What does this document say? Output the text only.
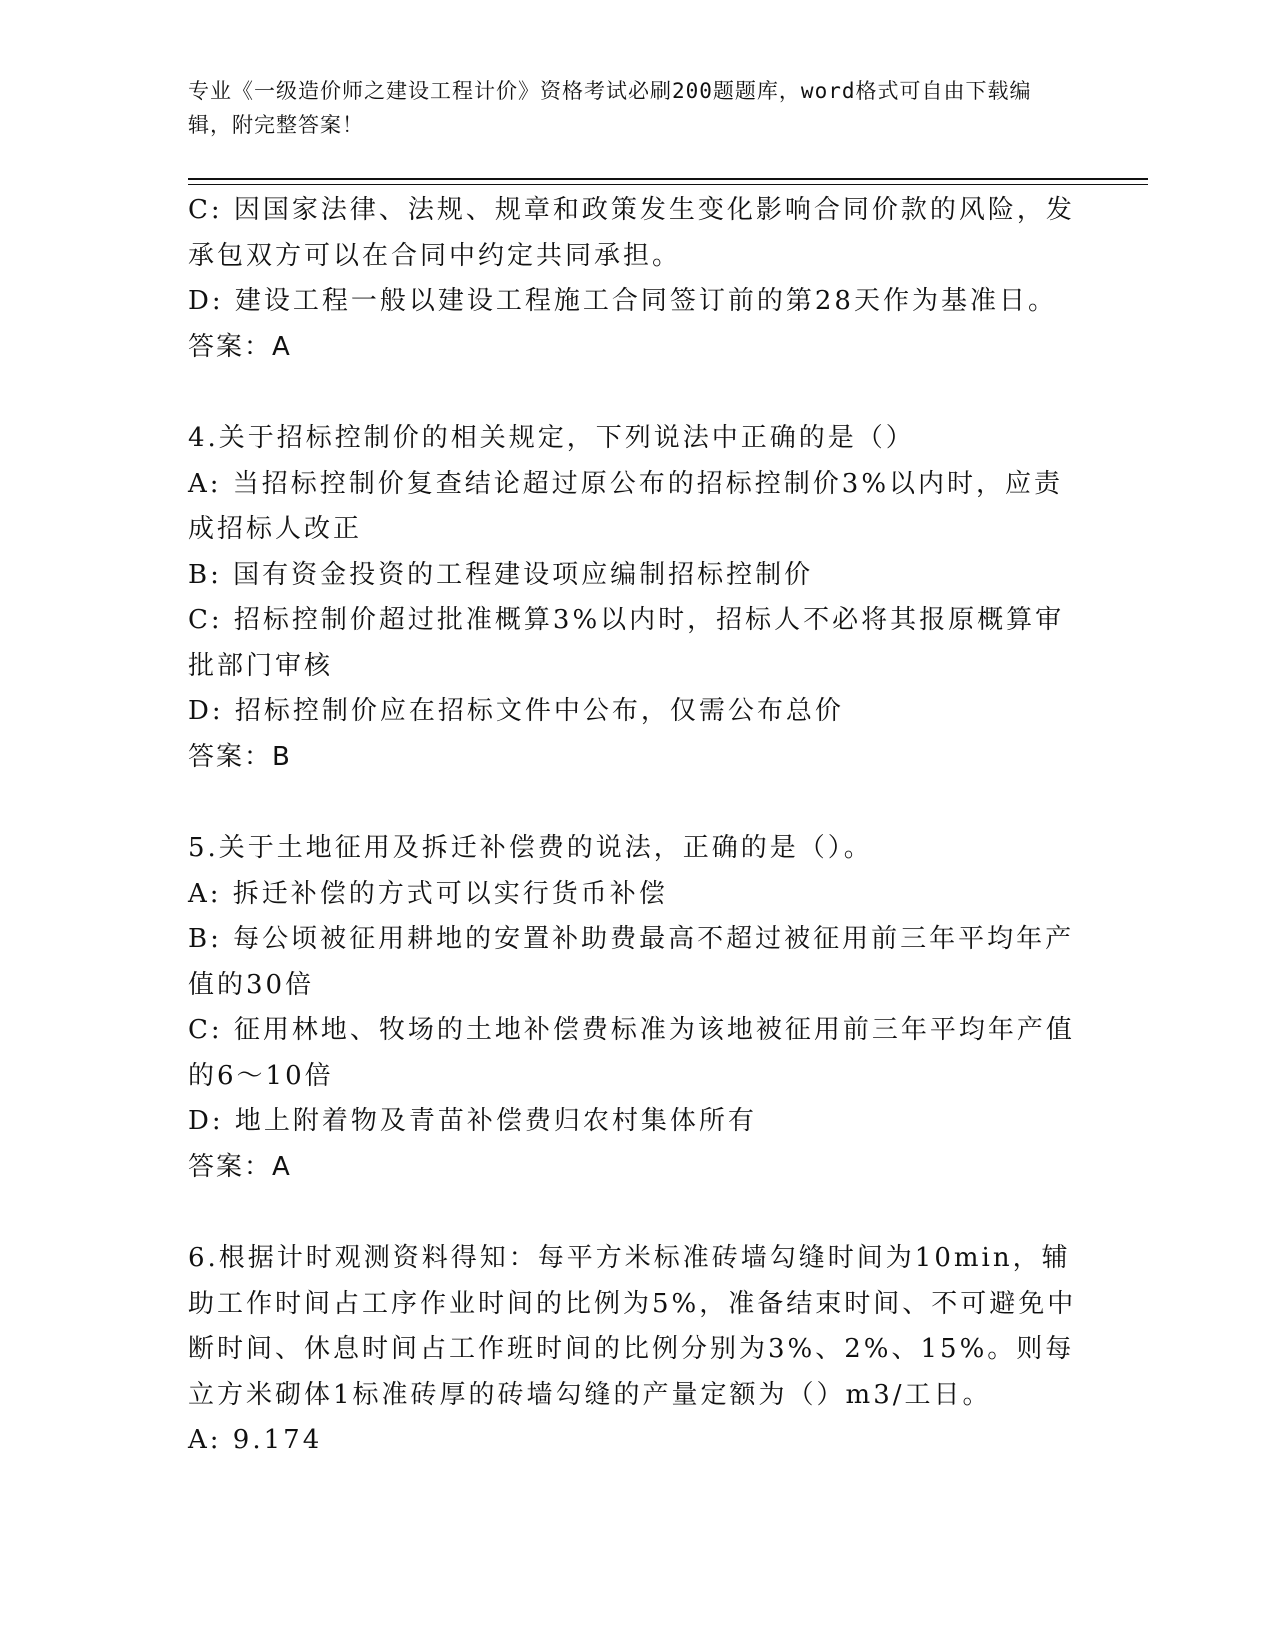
专业《一级造价师之建设工程计价》资格考试必刷200题题库，word格式可自由下载编辑，附完整答案！

C: 因国家法律、法规、规章和政策发生变化影响合同价款的风险，发承包双方可以在合同中约定共同承担。

D: 建设工程一般以建设工程施工合同签订前的第28天作为基准日。

答案：A

4.关于招标控制价的相关规定，下列说法中正确的是（）

A: 当招标控制价复查结论超过原公布的招标控制价3%以内时，应责成招标人改正

B: 国有资金投资的工程建设项应编制招标控制价

C: 招标控制价超过批准概算3%以内时，招标人不必将其报原概算审批部门审核

D: 招标控制价应在招标文件中公布，仅需公布总价

答案：B

5.关于土地征用及拆迁补偿费的说法，正确的是（）。

A: 拆迁补偿的方式可以实行货币补偿

B: 每公顷被征用耕地的安置补助费最高不超过被征用前三年平均年产值的30倍

C: 征用林地、牧场的土地补偿费标准为该地被征用前三年平均年产值的6～10倍

D: 地上附着物及青苗补偿费归农村集体所有

答案：A

6.根据计时观测资料得知：每平方米标准砖墙勾缝时间为10min，辅助工作时间占工序作业时间的比例为5%，准备结束时间、不可避免中断时间、休息时间占工作班时间的比例分别为3%、2%、15%。则每立方米砌体1标准砖厚的砖墙勾缝的产量定额为（）m3/工日。

A: 9.174
